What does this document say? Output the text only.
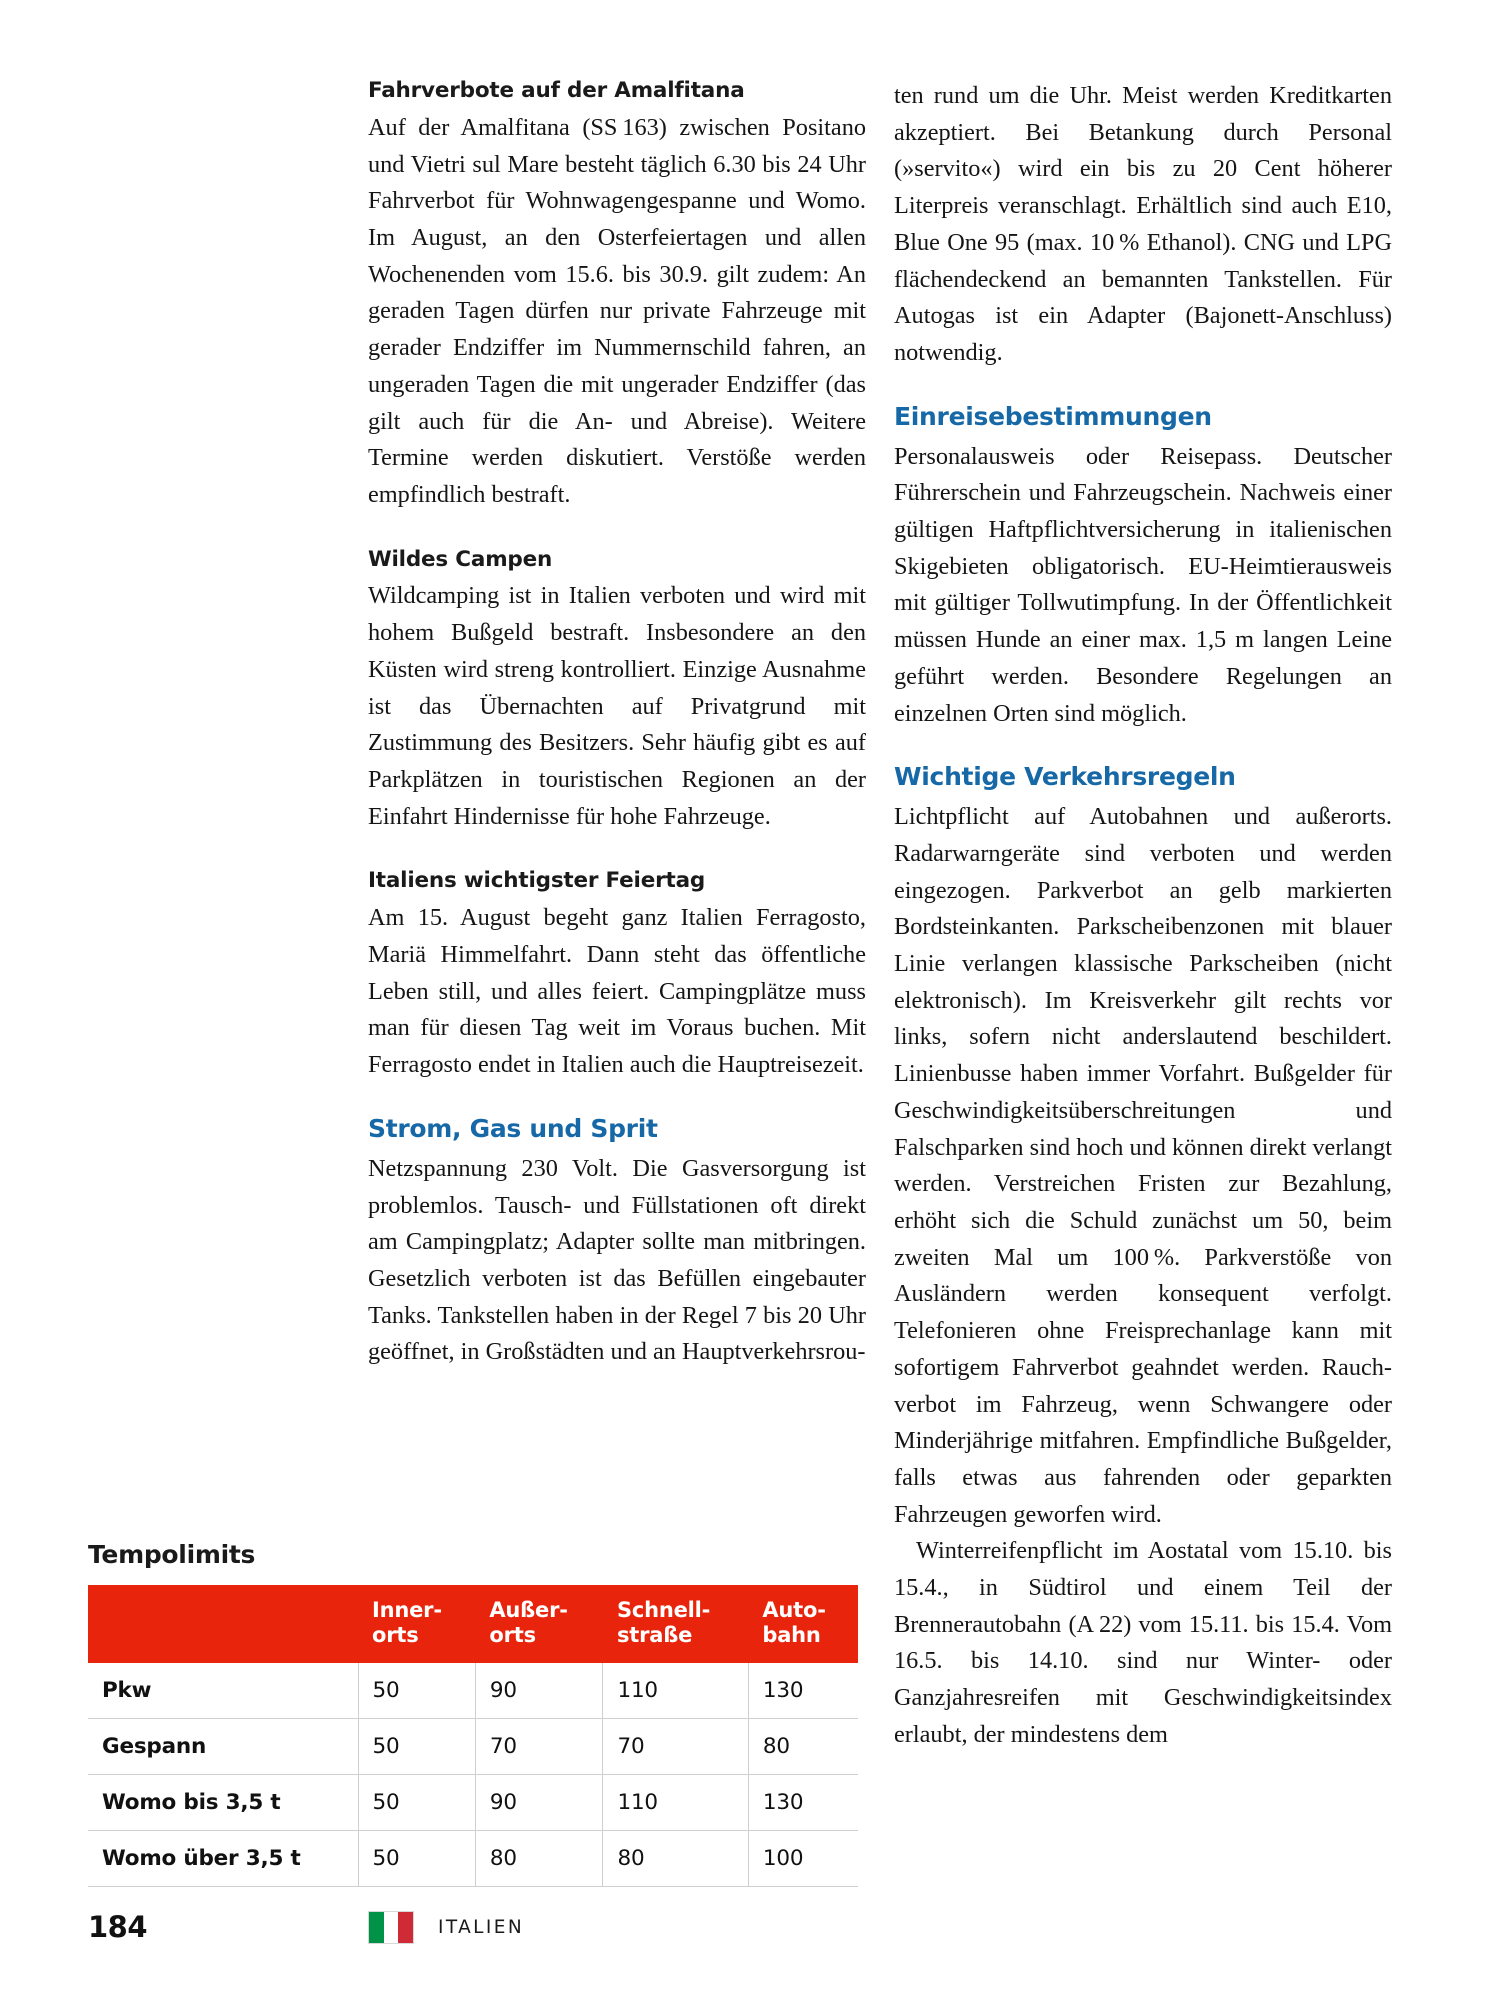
Fahrverbote auf der Amalfitana

Auf der Amalfitana (SS 163) zwischen Positano und Vietri sul Mare besteht täglich 6.30 bis 24 Uhr Fahrverbot für Wohnwagengespanne und Womo. Im August, an den Osterfeiertagen und allen Wochenenden vom 15.6. bis 30.9. gilt zudem: An geraden Tagen dürfen nur private Fahrzeuge mit gerader Endziffer im Nummernschild fahren, an ungeraden Tagen die mit ungerader Endziffer (das gilt auch für die An- und Abreise). Weitere Termine werden diskutiert. Verstöße werden empfindlich bestraft.

Wildes Campen

Wildcamping ist in Italien verboten und wird mit hohem Bußgeld bestraft. Insbesondere an den Küsten wird streng kontrolliert. Einzige Ausnahme ist das Übernachten auf Privatgrund mit Zustimmung des Besitzers. Sehr häufig gibt es auf Parkplätzen in touristischen Regionen an der Einfahrt Hindernisse für hohe Fahrzeuge.

Italiens wichtigster Feiertag

Am 15. August begeht ganz Italien Ferragosto, Mariä Himmelfahrt. Dann steht das öffentliche Leben still, und alles feiert. Campingplätze muss man für diesen Tag weit im Voraus buchen. Mit Ferragosto endet in Italien auch die Hauptreisezeit.

Strom, Gas und Sprit

Netzspannung 230 Volt. Die Gasversorgung ist problemlos. Tausch- und Füllstationen oft direkt am Campingplatz; Adapter sollte man mitbringen. Gesetzlich verboten ist das Befüllen eingebauter Tanks. Tankstellen haben in der Regel 7 bis 20 Uhr geöffnet, in Großstädten und an Hauptverkehrsrou-

ten rund um die Uhr. Meist werden Kreditkarten akzeptiert. Bei Betankung durch Personal (»servito«) wird ein bis zu 20 Cent höherer Literpreis veranschlagt. Erhältlich sind auch E10, Blue One 95 (max. 10 % Ethanol). CNG und LPG flächendeckend an bemannten Tankstellen. Für Autogas ist ein Adapter (Bajonett-Anschluss) notwendig.

Einreisebestimmungen

Personalausweis oder Reisepass. Deutscher Führerschein und Fahrzeugschein. Nachweis einer gültigen Haftpflichtversicherung in italienischen Skigebieten obligatorisch. EU-Heimtierausweis mit gültiger Tollwutimpfung. In der Öffentlichkeit müssen Hunde an einer max. 1,5 m langen Leine geführt werden. Besondere Regelungen an einzelnen Orten sind möglich.

Wichtige Verkehrsregeln

Lichtpflicht auf Autobahnen und außerorts. Radarwarngeräte sind verboten und werden eingezogen. Parkverbot an gelb markierten Bordsteinkanten. Parkscheibenzonen mit blauer Linie verlangen klassische Parkscheiben (nicht elektronisch). Im Kreisverkehr gilt rechts vor links, sofern nicht anderslautend beschildert. Linienbusse haben immer Vorfahrt. Bußgelder für Geschwindigkeitsüberschreitungen und Falschparken sind hoch und können direkt verlangt werden. Verstreichen Fristen zur Bezahlung, erhöht sich die Schuld zunächst um 50, beim zweiten Mal um 100 %. Parkverstöße von Ausländern werden konsequent verfolgt. Telefonieren ohne Freisprechanlage kann mit sofortigem Fahrverbot geahndet werden. Rauchverbot im Fahrzeug, wenn Schwangere oder Minderjährige mitfahren. Empfindliche Bußgelder, falls etwas aus fahrenden oder geparkten Fahrzeugen geworfen wird.

Winterreifenpflicht im Aostatal vom 15.10. bis 15.4., in Südtirol und einem Teil der Brennerautobahn (A 22) vom 15.11. bis 15.4. Vom 16.5. bis 14.10. sind nur Winter- oder Ganzjahresreifen mit Geschwindigkeitsindex erlaubt, der mindestens dem

Tempolimits
	Inner-
orts	Außer-
orts	Schnell-
straße	Auto-
bahn

Pkw	50	90	110	130
Gespann	50	70	70	80
Womo bis 3,5 t	50	90	110	130
Womo über 3,5 t	50	80	80	100
184	ITALIEN
